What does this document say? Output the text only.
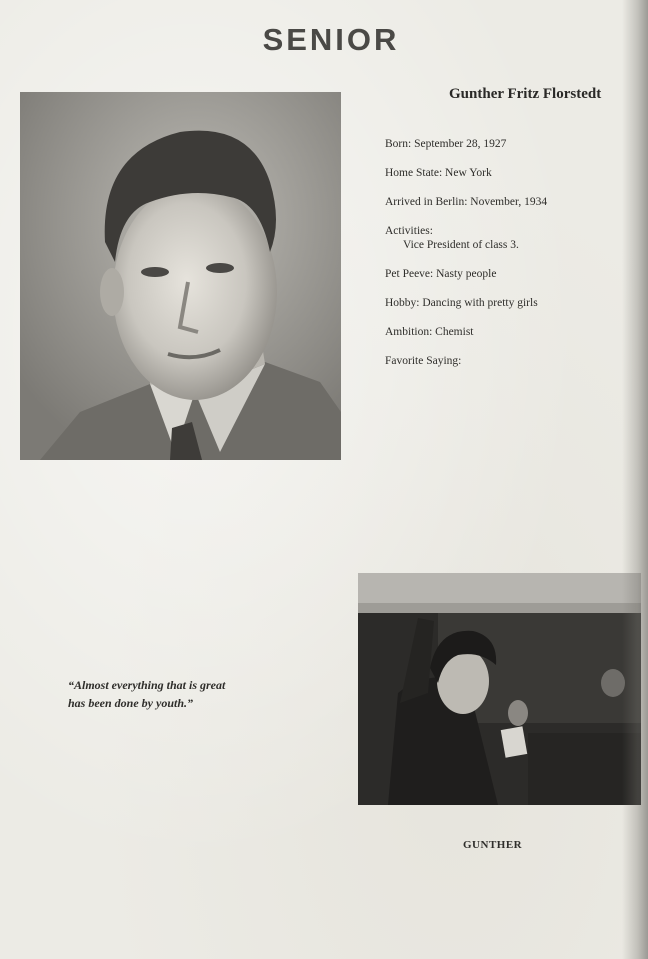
SENIOR
Gunther Fritz Florstedt
Born: September 28, 1927
Home State: New York
Arrived in Berlin: November, 1934
Activities:
Vice President of class 3.
Pet Peeve: Nasty people
Hobby: Dancing with pretty girls
Ambition: Chemist
Favorite Saying:
“Almost everything that is great
has been done by youth.”
GUNTHER
